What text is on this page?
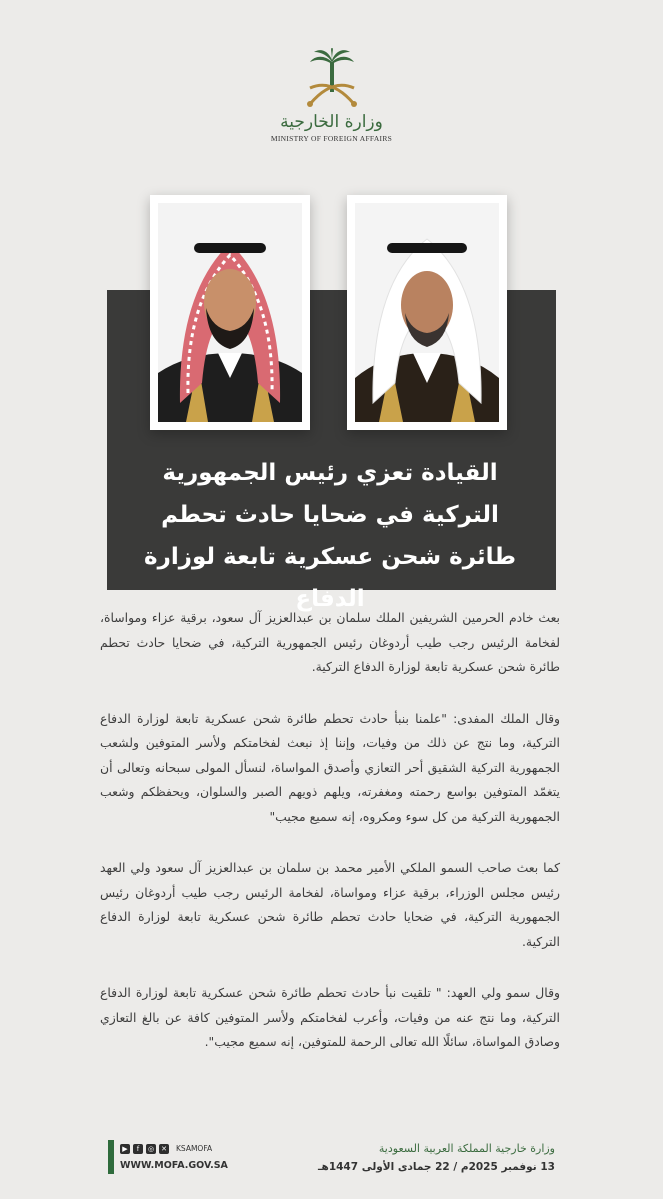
وزارة الخارجية
MINISTRY OF FOREIGN AFFAIRS
القيادة تعزي رئيس الجمهورية
التركية في ضحايا حادث تحطم
طائرة شحن عسكرية تابعة لوزارة الدفاع

بعث خادم الحرمين الشريفين الملك سلمان بن عبدالعزيز آل سعود، برقية عزاء ومواساة، لفخامة الرئيس رجب طيب أردوغان رئيس الجمهورية التركية، في ضحايا حادث تحطم طائرة شحن عسكرية تابعة لوزارة الدفاع التركية.

وقال الملك المفدى: "علمنا بنبأ حادث تحطم طائرة شحن عسكرية تابعة لوزارة الدفاع التركية، وما نتج عن ذلك من وفيات، وإننا إذ نبعث لفخامتكم ولأسر المتوفين ولشعب الجمهورية التركية الشقيق أحر التعازي وأصدق المواساة، لنسأل المولى سبحانه وتعالى أن يتغمّد المتوفين بواسع رحمته ومغفرته، ويلهم ذويهم الصبر والسلوان، ويحفظكم وشعب الجمهورية التركية من كل سوء ومكروه، إنه سميع مجيب"

كما بعث صاحب السمو الملكي الأمير محمد بن سلمان بن عبدالعزيز آل سعود ولي العهد رئيس مجلس الوزراء، برقية عزاء ومواساة، لفخامة الرئيس رجب طيب أردوغان رئيس الجمهورية التركية، في ضحايا حادث تحطم طائرة شحن عسكرية تابعة لوزارة الدفاع التركية.

وقال سمو ولي العهد: " تلقيت نبأ حادث تحطم طائرة شحن عسكرية تابعة لوزارة الدفاع التركية، وما نتج عنه من وفيات، وأعرب لفخامتكم ولأسر المتوفين كافة عن بالغ التعازي وصادق المواساة، سائلًا الله تعالى الرحمة للمتوفين، إنه سميع مجيب".

وزارة خارجية المملكة العربية السعودية
13 نوفمبر 2025م / 22 جمادى الأولى 1447هـ
▶	f	◎ ✕ KSAMOFA
WWW.MOFA.GOV.SA
